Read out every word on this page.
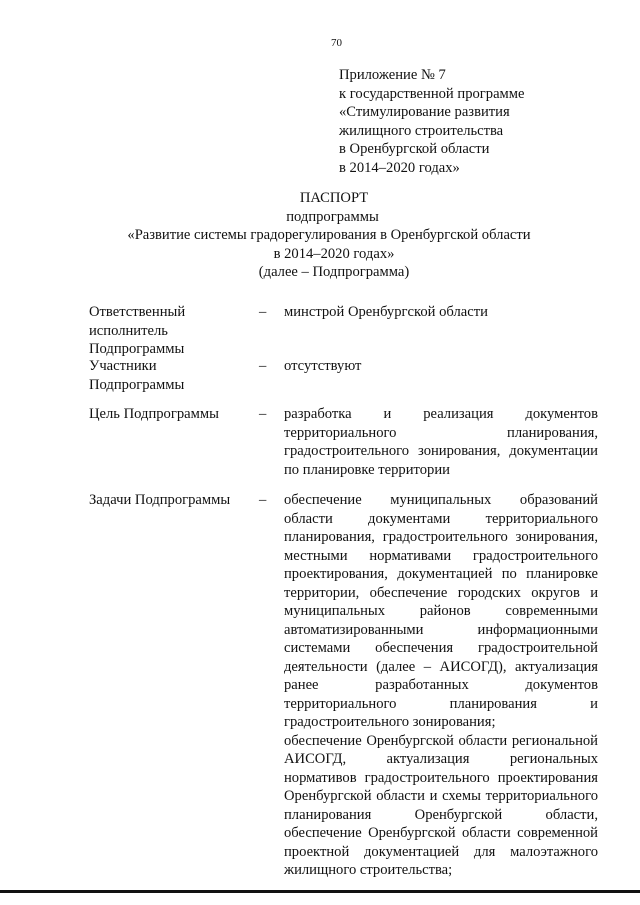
70
Приложение № 7
к государственной программе
«Стимулирование развития
жилищного строительства
в Оренбургской области
в 2014–2020 годах»
ПАСПОРТ
подпрограммы
«Развитие системы градорегулирования в Оренбургской области
в 2014–2020 годах»
(далее – Подпрограмма)
Ответственный
исполнитель
Подпрограммы
– минстрой Оренбургской области

Участники
Подпрограммы
– отсутствуют

Цель Подпрограммы	– разработка и реализация документов территориального планирования, градостроительного зонирования, документации по планировке территории

Задачи Подпрограммы	– обеспечение муниципальных образований области документами территориального планирования, градостроительного зонирования, местными нормативами градостроительного проектирования, документацией по планировке территории, обеспечение городских округов и муниципальных районов современными автоматизированными информационными системами обеспечения градостроительной деятельности (далее – АИСОГД), актуализация ранее разработанных документов территориального планирования и градостроительного зонирования;

обеспечение Оренбургской области региональной АИСОГД, актуализация региональных нормативов градостроительного проектирования Оренбургской области и схемы территориального планирования Оренбургской области, обеспечение Оренбургской области современной проектной документацией для малоэтажного жилищного строительства;
